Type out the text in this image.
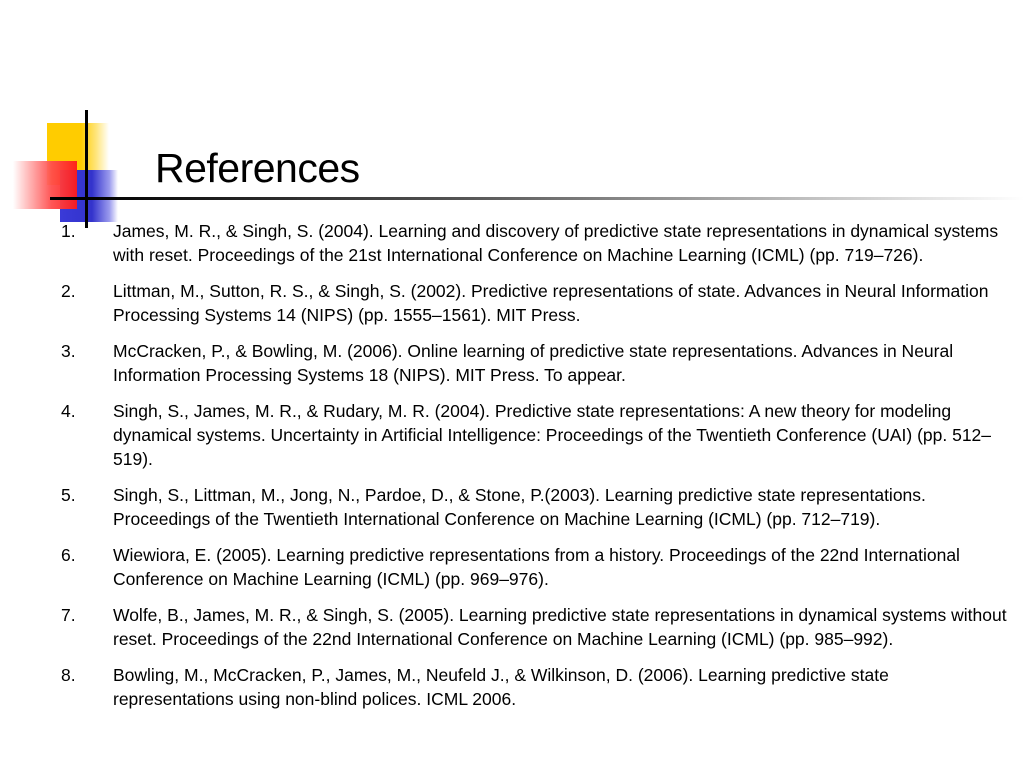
References
1. James, M. R., & Singh, S. (2004). Learning and discovery of predictive state representations in dynamical systems with reset. Proceedings of the 21st International Conference on Machine Learning (ICML) (pp. 719–726).
2. Littman, M., Sutton, R. S., & Singh, S. (2002). Predictive representations of state. Advances in Neural Information Processing Systems 14 (NIPS) (pp. 1555–1561). MIT Press.
3. McCracken, P., & Bowling, M. (2006). Online learning of predictive state representations. Advances in Neural Information Processing Systems 18 (NIPS). MIT Press. To appear.
4. Singh, S., James, M. R., & Rudary, M. R. (2004). Predictive state representations: A new theory for modeling dynamical systems. Uncertainty in Artificial Intelligence: Proceedings of the Twentieth Conference (UAI) (pp. 512–519).
5. Singh, S., Littman, M., Jong, N., Pardoe, D., & Stone, P.(2003). Learning predictive state representations. Proceedings of the Twentieth International Conference on Machine Learning (ICML) (pp. 712–719).
6. Wiewiora, E. (2005). Learning predictive representations from a history. Proceedings of the 22nd International Conference on Machine Learning (ICML) (pp. 969–976).
7. Wolfe, B., James, M. R., & Singh, S. (2005). Learning predictive state representations in dynamical systems without reset. Proceedings of the 22nd International Conference on Machine Learning (ICML) (pp. 985–992).
8. Bowling, M., McCracken, P., James, M., Neufeld J., & Wilkinson, D. (2006). Learning predictive state representations using non-blind polices. ICML 2006.
